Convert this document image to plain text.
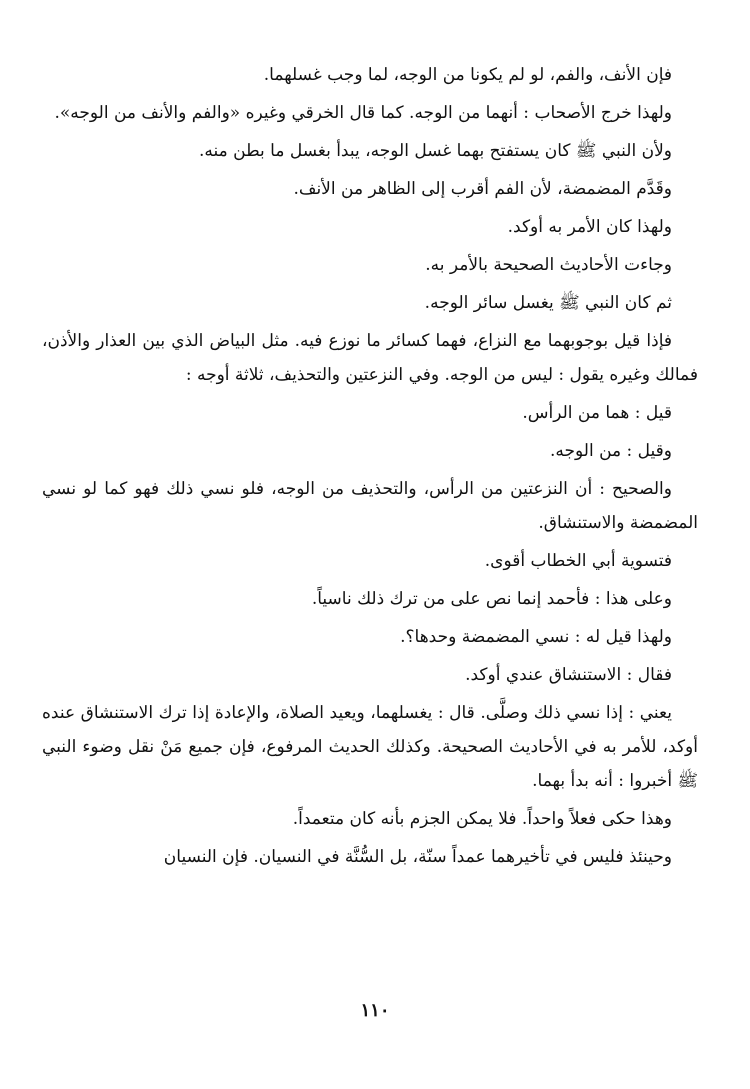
فإن الأنف، والفم، لو لم يكونا من الوجه، لما وجب غسلهما.

ولهذا خرج الأصحاب : أنهما من الوجه. كما قال الخرقي وغيره «والفم والأنف من الوجه».

ولأن النبي ﷺ كان يستفتح بهما غسل الوجه، يبدأ بغسل ما بطن منه.

وقَدَّم المضمضة، لأن الفم أقرب إلى الظاهر من الأنف.

ولهذا كان الأمر به أوكد.

وجاءت الأحاديث الصحيحة بالأمر به.

ثم كان النبي ﷺ يغسل سائر الوجه.

فإذا قيل بوجوبهما مع النزاع، فهما كسائر ما نوزع فيه. مثل البياض الذي بين العذار والأذن، فمالك وغيره يقول : ليس من الوجه. وفي النزعتين والتحذيف، ثلاثة أوجه :

قيل : هما من الرأس.

وقيل : من الوجه.

والصحيح : أن النزعتين من الرأس، والتحذيف من الوجه، فلو نسي ذلك فهو كما لو نسي المضمضة والاستنشاق.

فتسوية أبي الخطاب أقوى.

وعلى هذا : فأحمد إنما نص على من ترك ذلك ناسياً.

ولهذا قيل له : نسي المضمضة وحدها؟.

فقال : الاستنشاق عندي أوكد.

يعني : إذا نسي ذلك وصلَّى. قال : يغسلهما، ويعيد الصلاة، والإعادة إذا ترك الاستنشاق عنده أوكد، للأمر به في الأحاديث الصحيحة. وكذلك الحديث المرفوع، فإن جميع مَنْ نقل وضوء النبي ﷺ أخبروا : أنه بدأ بهما.

وهذا حكى فعلاً واحداً. فلا يمكن الجزم بأنه كان متعمداً.

وحينئذ فليس في تأخيرهما عمداً سنّة، بل السُّنَّة في النسيان. فإن النسيان

١١٠
